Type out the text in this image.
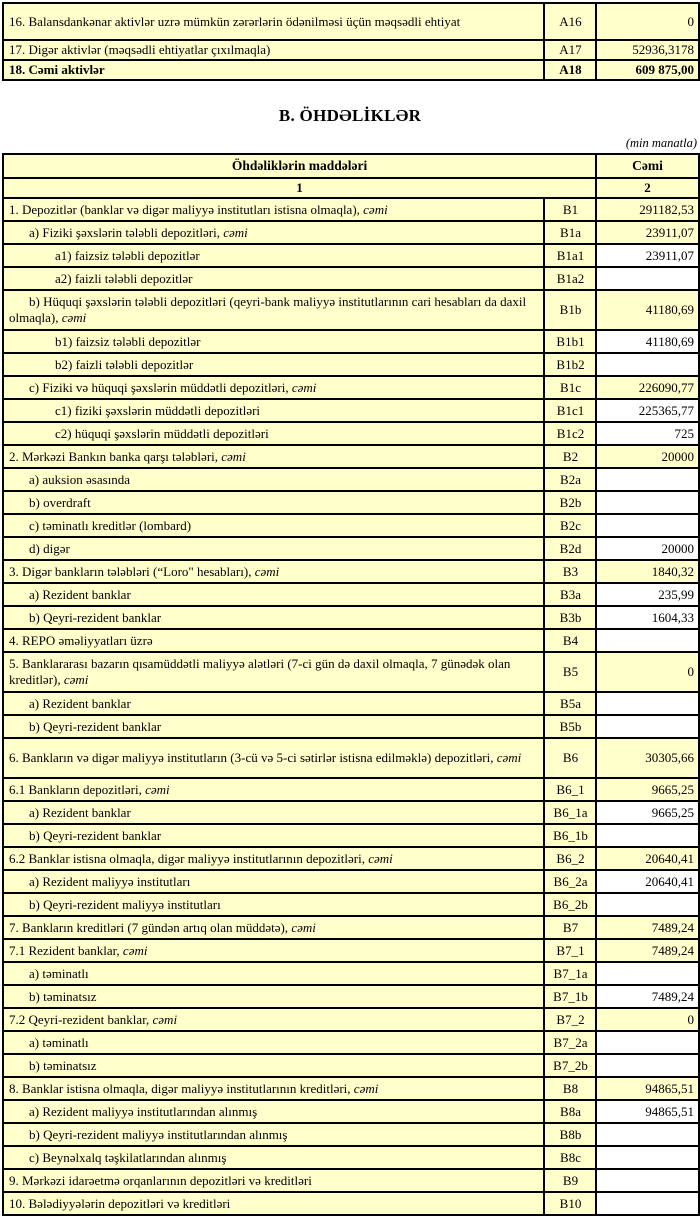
16. Balansdankənar aktivlər uzrə mümkün zərərlərin ödənilməsi üçün məqsədli ehtiyat	A16	0
17. Digər aktivlər (məqsədli ehtiyatlar çıxılmaqla)	A17	52936,3178
18. Cəmi aktivlər	A18	609 875,00
B. ÖHDƏLİKLƏR
(min manatla)
Öhdəliklərin maddələri		Cəmi
1		2
1. Depozitlər (banklar və digər maliyyə institutları istisna olmaqla), cəmi	B1	291182,53
a) Fiziki şəxslərin tələbli depozitləri, cəmi	B1a	23911,07
a1) faizsiz tələbli depozitlər	B1a1	23911,07
a2) faizli tələbli depozitlər	B1a2	
b) Hüquqi şəxslərin tələbli depozitləri (qeyri-bank maliyyə institutlarının cari hesabları da daxil olmaqla), cəmi	B1b	41180,69
b1) faizsiz tələbli depozitlər	B1b1	41180,69
b2) faizli tələbli depozitlər	B1b2	
c) Fiziki və hüquqi şəxslərin müddətli depozitləri, cəmi	B1c	226090,77
c1) fiziki şəxslərin müddətli depozitləri	B1c1	225365,77
c2) hüquqi şəxslərin müddətli depozitləri	B1c2	725
2. Mərkəzi Bankın banka qarşı tələbləri, cəmi	B2	20000
a) auksion əsasında	B2a	
b) overdraft	B2b	
c) təminatlı kreditlər (lombard)	B2c	
d) digər	B2d	20000
3. Digər bankların tələbləri (“Loro" hesabları), cəmi	B3	1840,32
a) Rezident banklar	B3a	235,99
b) Qeyri-rezident banklar	B3b	1604,33
4. REPO əməliyyatları üzrə	B4	
5. Banklararası bazarın qısamüddətli maliyyə alətləri (7-ci gün də daxil olmaqla, 7 günədək olan kreditlər), cəmi	B5	0
a) Rezident banklar	B5a	
b) Qeyri-rezident banklar	B5b	
6. Bankların və digər maliyyə institutların (3-cü və 5-ci sətirlər istisna edilməklə) depozitləri, cəmi	B6	30305,66
6.1 Bankların depozitləri, cəmi	B6_1	9665,25
a) Rezident banklar	B6_1a	9665,25
b) Qeyri-rezident banklar	B6_1b	
6.2 Banklar istisna olmaqla, digər maliyyə institutlarının depozitləri, cəmi	B6_2	20640,41
a) Rezident maliyyə institutları	B6_2a	20640,41
b) Qeyri-rezident maliyyə institutları	B6_2b	
7. Bankların kreditləri (7 gündən artıq olan müddətə), cəmi	B7	7489,24
7.1 Rezident banklar, cəmi	B7_1	7489,24
a) təminatlı	B7_1a	
b) təminatsız	B7_1b	7489,24
7.2 Qeyri-rezident banklar, cəmi	B7_2	0
a) təminatlı	B7_2a	
b) təminatsız	B7_2b	
8. Banklar istisna olmaqla, digər maliyyə institutlarının kreditləri, cəmi	B8	94865,51
a) Rezident maliyyə institutlarından alınmış	B8a	94865,51
b) Qeyri-rezident maliyyə institutlarından alınmış	B8b	
c) Beynəlxalq təşkilatlarından alınmış	B8c	
9. Mərkəzi idarəetmə orqanlarının depozitləri və kreditləri	B9	
10. Bələdiyyələrin depozitləri və kreditləri	B10	
